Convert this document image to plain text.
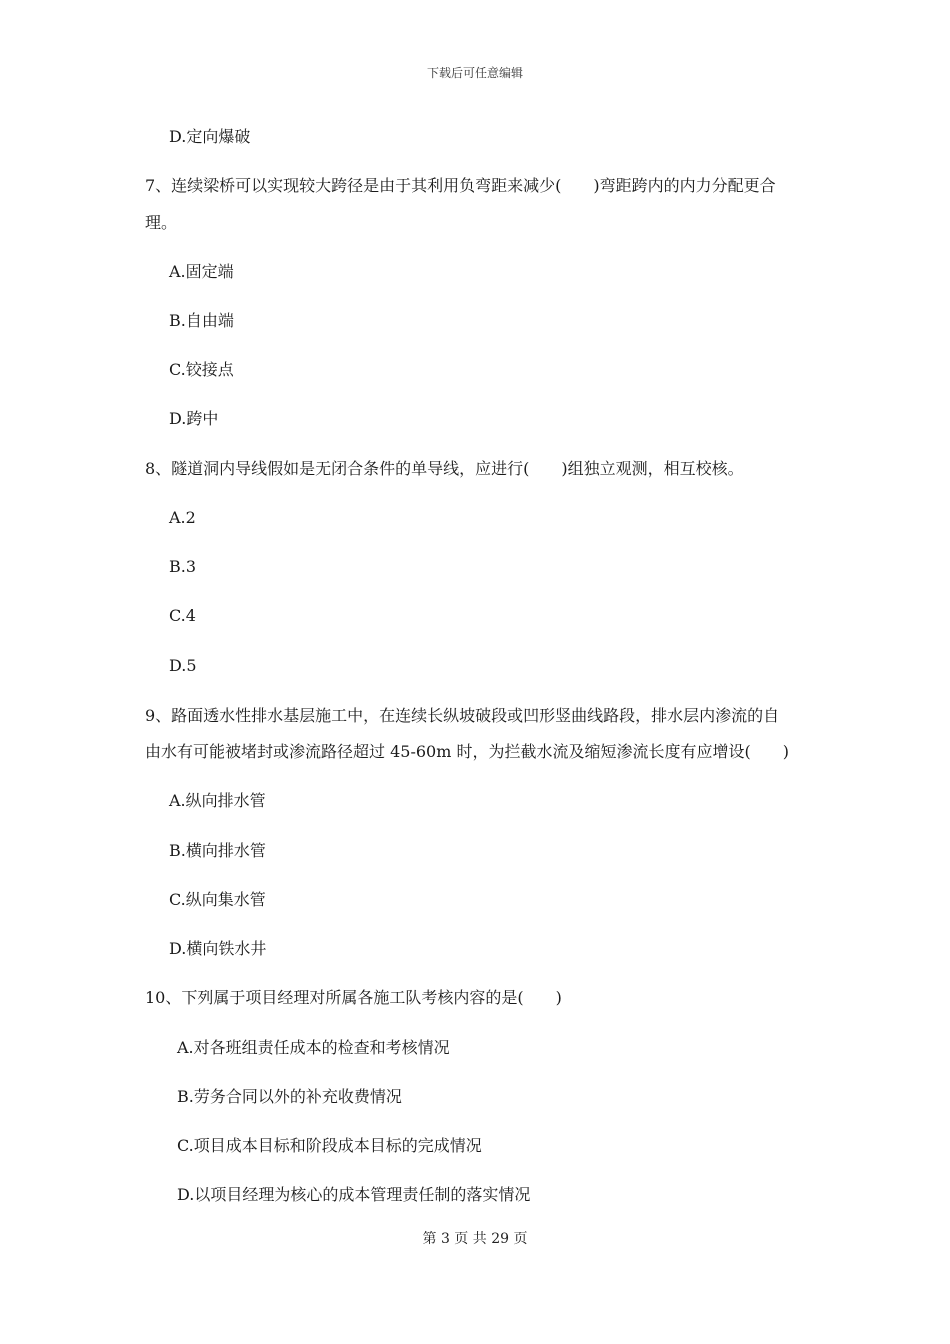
下载后可任意编辑
D.定向爆破
7、连续梁桥可以实现较大跨径是由于其利用负弯距来减少(　　)弯距跨内的内力分配更合
理。
A.固定端
B.自由端
C.铰接点
D.跨中
8、隧道洞内导线假如是无闭合条件的单导线，应进行(　　)组独立观测，相互校核。
A.2
B.3
C.4
D.5
9、路面透水性排水基层施工中，在连续长纵坡破段或凹形竖曲线路段，排水层内渗流的自
由水有可能被堵封或渗流路径超过 45-60m 时，为拦截水流及缩短渗流长度有应增设(　　)
A.纵向排水管
B.横向排水管
C.纵向集水管
D.横向铁水井
10、下列属于项目经理对所属各施工队考核内容的是(　　)
A.对各班组责任成本的检查和考核情况
B.劳务合同以外的补充收费情况
C.项目成本目标和阶段成本目标的完成情况
D.以项目经理为核心的成本管理责任制的落实情况
第 3 页 共 29 页
